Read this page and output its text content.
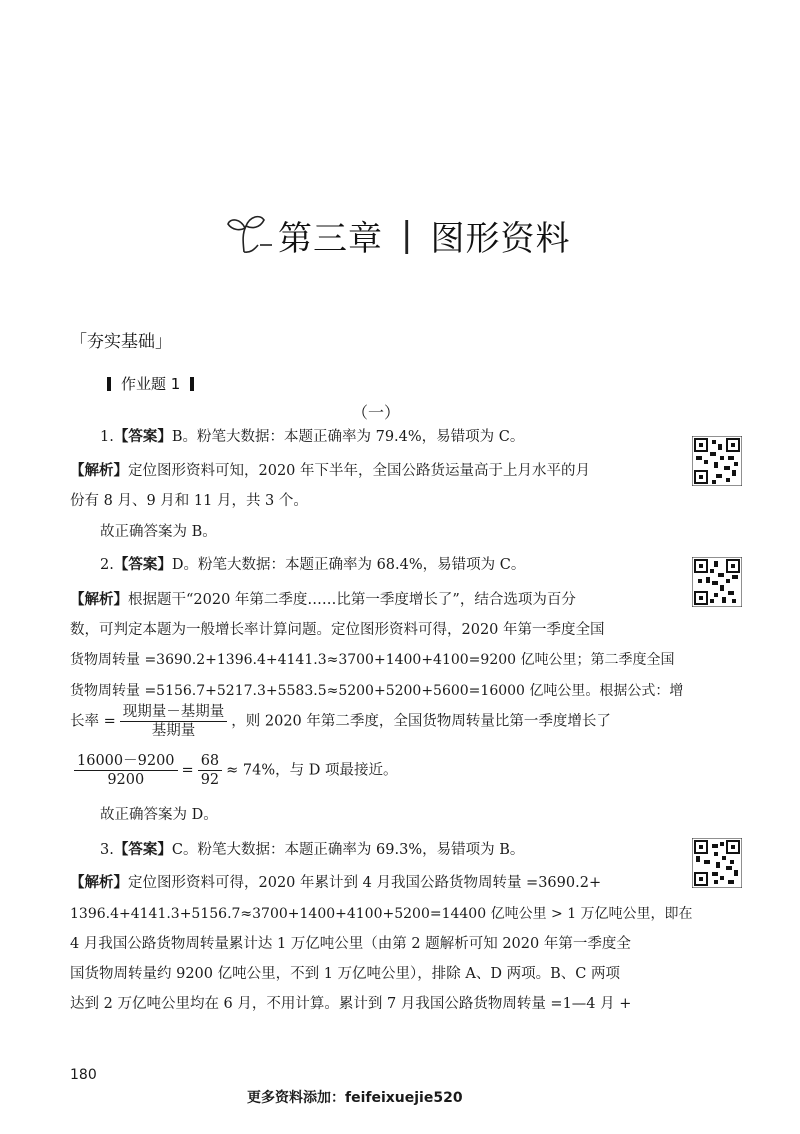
第三章 | 图形资料
「夯实基础」
作业题 1
（一）
1.【答案】B。粉笔大数据：本题正确率为 79.4%，易错项为 C。
【解析】定位图形资料可知，2020 年下半年，全国公路货运量高于上月水平的月
份有 8 月、9 月和 11 月，共 3 个。
故正确答案为 B。
2.【答案】D。粉笔大数据：本题正确率为 68.4%，易错项为 C。
【解析】根据题干“2020 年第二季度……比第一季度增长了”，结合选项为百分
数，可判定本题为一般增长率计算问题。定位图形资料可得，2020 年第一季度全国
货物周转量 =3690.2+1396.4+4141.3≈3700+1400+4100=9200 亿吨公里；第二季度全国
货物周转量 =5156.7+5217.3+5583.5≈5200+5200+5600=16000 亿吨公里。根据公式：增
长率 = $\frac{\text{现期量－基期量}}{\text{基期量}}$ ，则 2020 年第二季度，全国货物周转量比第一季度增长了
$\frac{16000-9200}{9200} = \frac{68}{92} \approx 74\%$，与 D 项最接近。
故正确答案为 D。
3.【答案】C。粉笔大数据：本题正确率为 69.3%，易错项为 B。
【解析】定位图形资料可得，2020 年累计到 4 月我国公路货物周转量 =3690.2+
1396.4+4141.3+5156.7≈3700+1400+4100+5200=14400 亿吨公里 > 1 万亿吨公里，即在
4 月我国公路货物周转量累计达 1 万亿吨公里（由第 2 题解析可知 2020 年第一季度全
国货物周转量约 9200 亿吨公里，不到 1 万亿吨公里），排除 A、D 两项。B、C 两项
达到 2 万亿吨公里均在 6 月，不用计算。累计到 7 月我国公路货物周转量 =1—4 月 +
180
更多资料添加：feifeixuejie520
